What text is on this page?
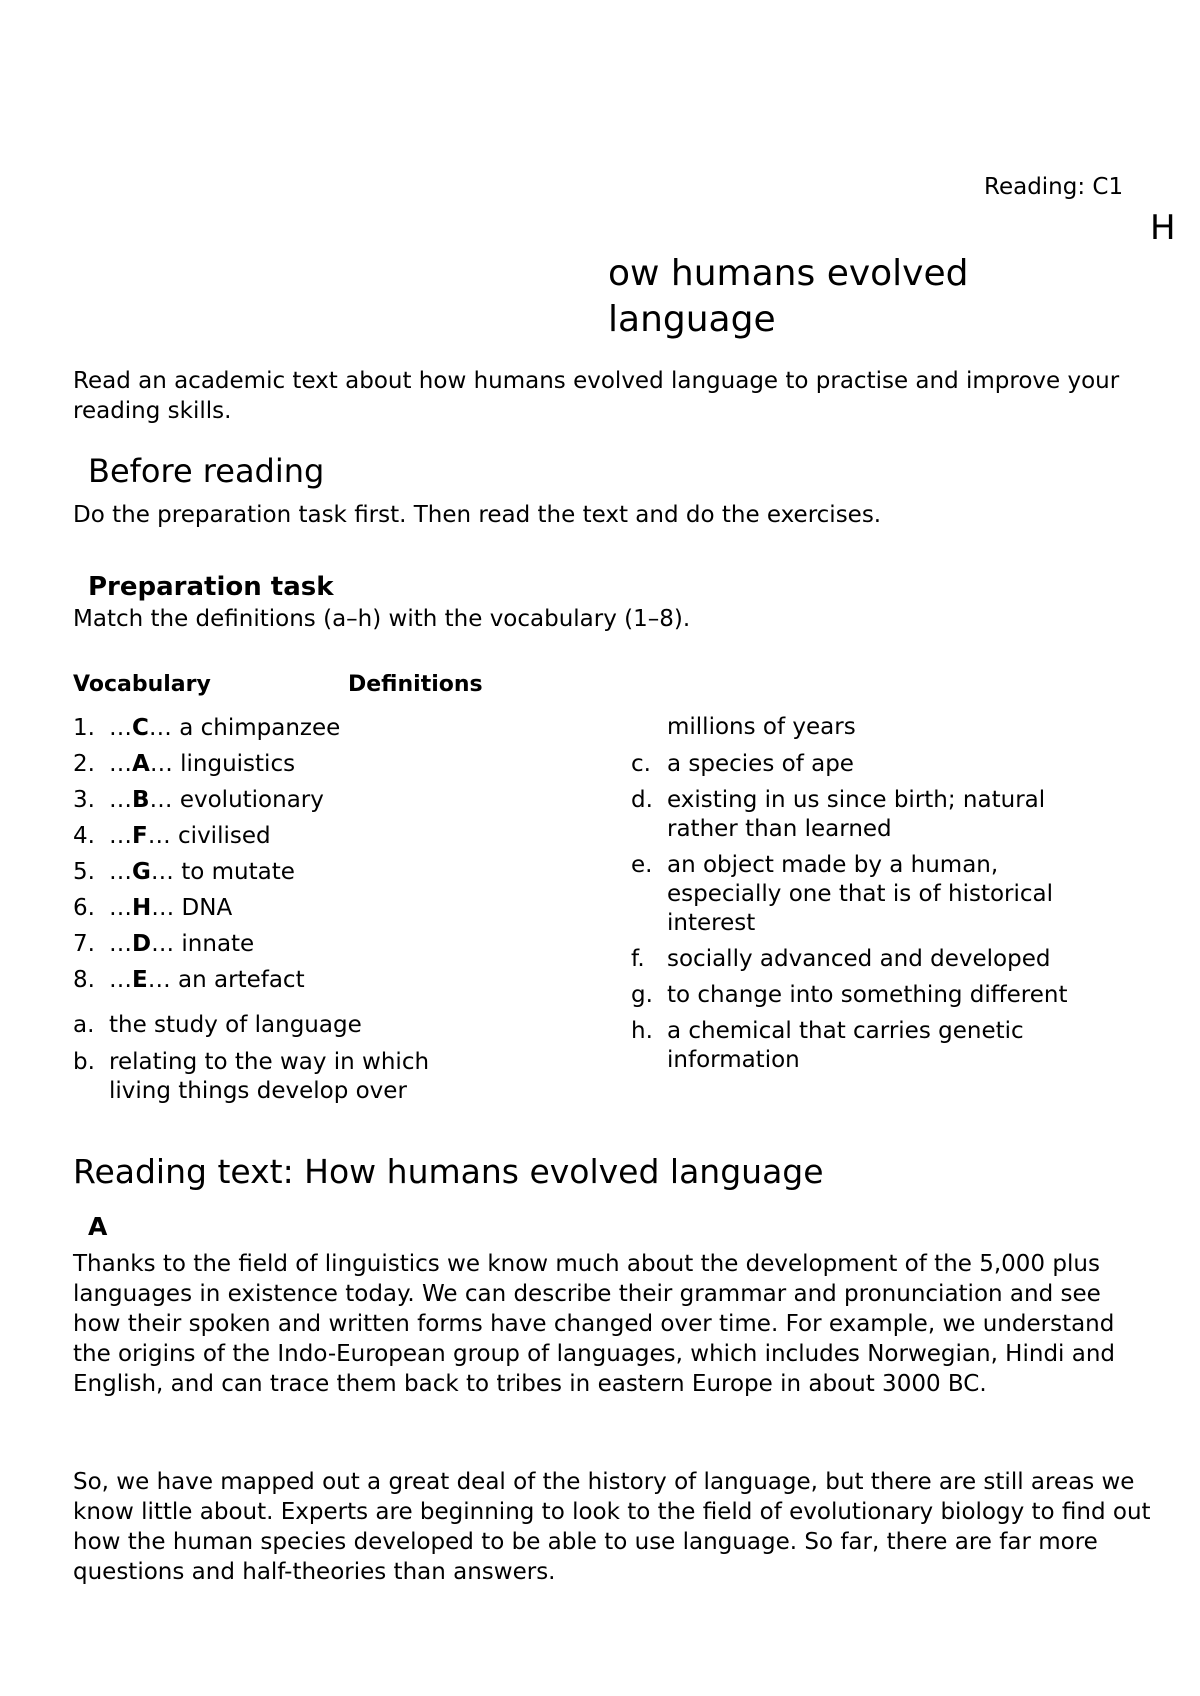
Reading: C1
H
ow humans evolved language
Read an academic text about how humans evolved language to practise and improve your reading skills.
Before reading
Do the preparation task first. Then read the text and do the exercises.
Preparation task
Match the definitions (a–h) with the vocabulary (1–8).
Vocabulary	Definitions
1. …C… a chimpanzee
2. …A… linguistics
3. …B… evolutionary
4. …F… civilised
5. …G… to mutate
6. …H… DNA
7. …D… innate
8. …E… an artefact
a. the study of language
b. relating to the way in which living things develop over
millions of years
c. a species of ape
d. existing in us since birth; natural rather than learned
e. an object made by a human, especially one that is of historical interest
f. socially advanced and developed
g. to change into something different
h. a chemical that carries genetic information
Reading text: How humans evolved language
A
Thanks to the field of linguistics we know much about the development of the 5,000 plus languages in existence today. We can describe their grammar and pronunciation and see how their spoken and written forms have changed over time. For example, we understand the origins of the Indo-European group of languages, which includes Norwegian, Hindi and English, and can trace them back to tribes in eastern Europe in about 3000 BC.
So, we have mapped out a great deal of the history of language, but there are still areas we know little about. Experts are beginning to look to the field of evolutionary biology to find out how the human species developed to be able to use language. So far, there are far more questions and half-theories than answers.
